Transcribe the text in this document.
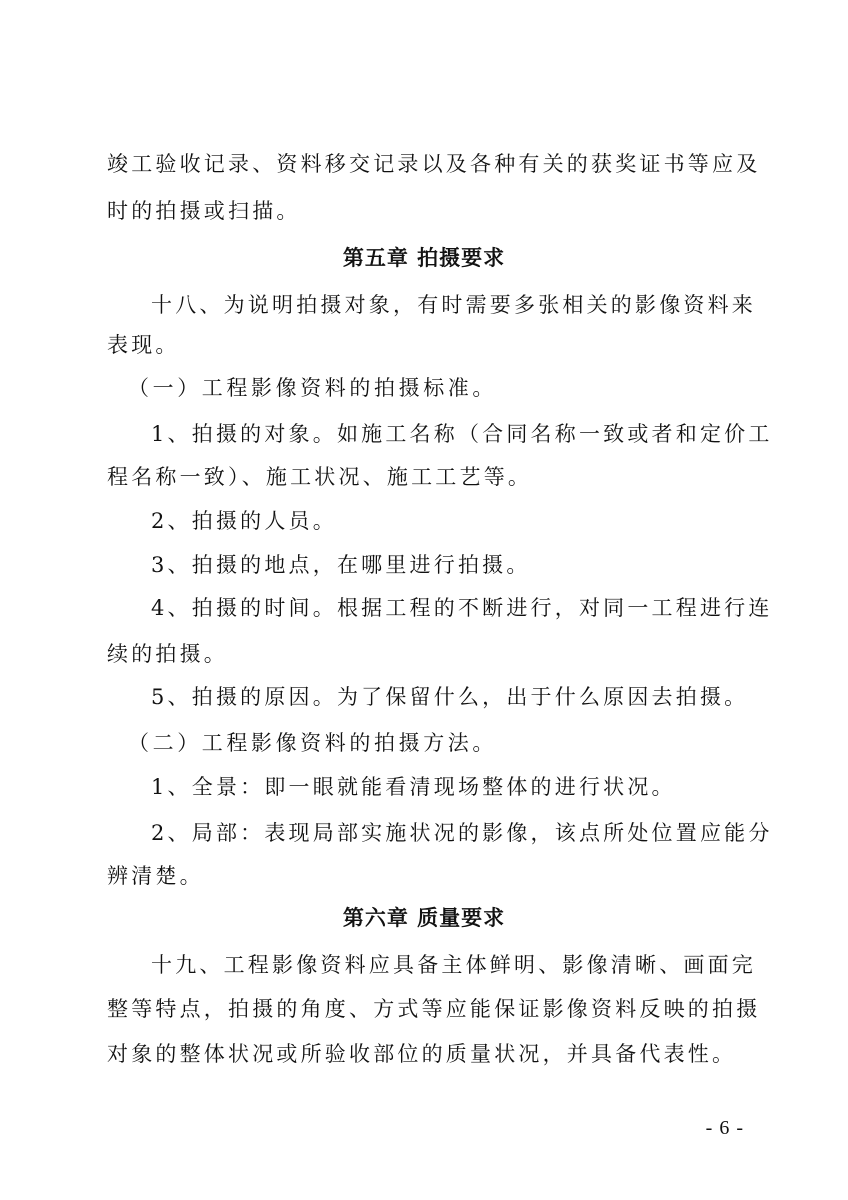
竣工验收记录、资料移交记录以及各种有关的获奖证书等应及
时的拍摄或扫描。
第五章 拍摄要求
十八、为说明拍摄对象，有时需要多张相关的影像资料来
表现。
（一）工程影像资料的拍摄标准。
1、拍摄的对象。如施工名称（合同名称一致或者和定价工
程名称一致）、施工状况、施工工艺等。
2、拍摄的人员。
3、拍摄的地点，在哪里进行拍摄。
4、拍摄的时间。根据工程的不断进行，对同一工程进行连
续的拍摄。
5、拍摄的原因。为了保留什么，出于什么原因去拍摄。
（二）工程影像资料的拍摄方法。
1、全景：即一眼就能看清现场整体的进行状况。
2、局部：表现局部实施状况的影像，该点所处位置应能分
辨清楚。
第六章 质量要求
十九、工程影像资料应具备主体鲜明、影像清晰、画面完
整等特点，拍摄的角度、方式等应能保证影像资料反映的拍摄
对象的整体状况或所验收部位的质量状况，并具备代表性。
- 6 -
